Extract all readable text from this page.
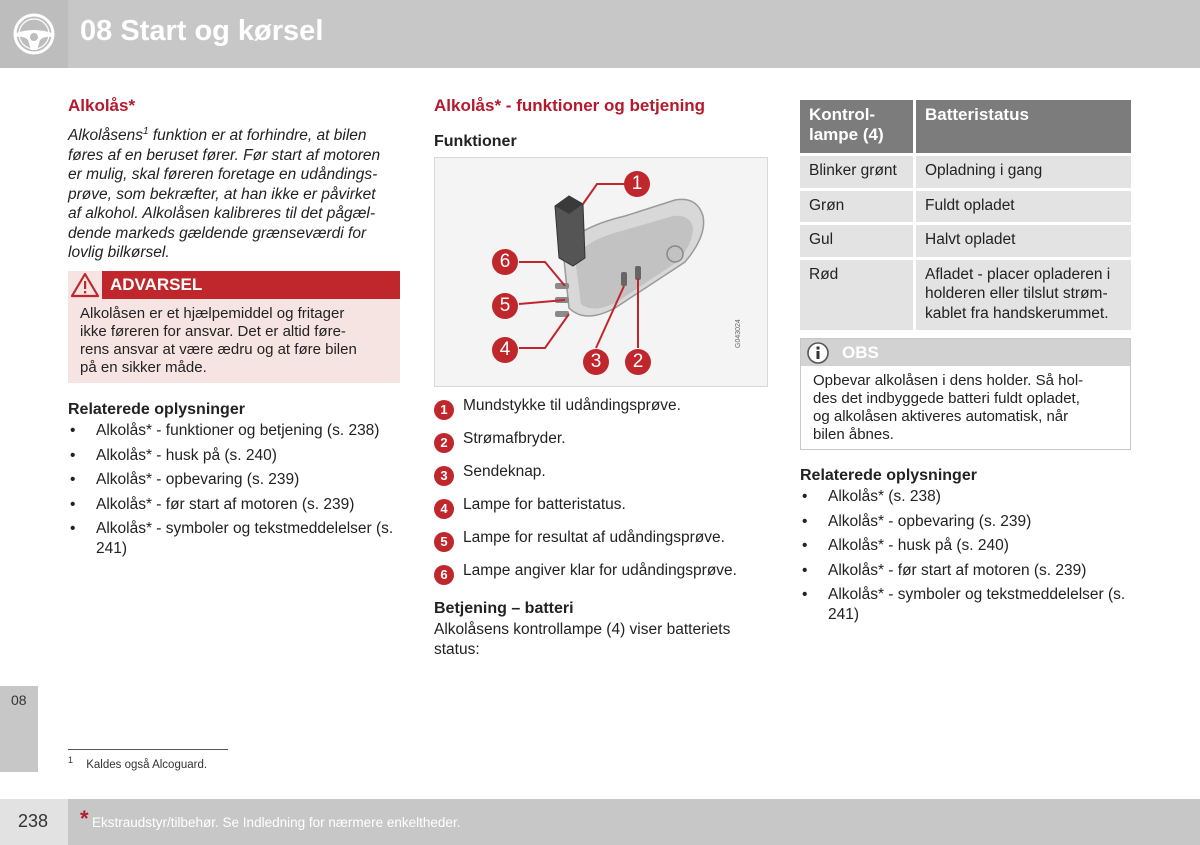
08 Start og kørsel
08
Alkolås*
Alkolåsens$^1$ funktion er at forhindre, at bilen
føres af en beruset fører. Før start af motoren
er mulig, skal føreren foretage en udåndings-
prøve, som bekræfter, at han ikke er påvirket
af alkohol. Alkolåsen kalibreres til det pågæl-
dende markeds gældende grænseværdi for
lovlig bilkørsel.
ADVARSEL
Alkolåsen er et hjælpemiddel og fritager
ikke føreren for ansvar. Det er altid føre-
rens ansvar at være ædru og at føre bilen
på en sikker måde.
Relaterede oplysninger
• Alkolås* - funktioner og betjening (s. 238)
• Alkolås* - husk på (s. 240)
• Alkolås* - opbevaring (s. 239)
• Alkolås* - før start af motoren (s. 239)
• Alkolås* - symboler og tekstmeddelelser (s. 241)
Alkolås* - funktioner og betjening
Funktioner
1
2
3
4
5
6
G043024
1 Mundstykke til udåndingsprøve.
2 Strømafbryder.
3 Sendeknap.
4 Lampe for batteristatus.
5 Lampe for resultat af udåndingsprøve.
6 Lampe angiver klar for udåndingsprøve.
Betjening – batteri
Alkolåsens kontrollampe (4) viser batteriets
status:
Kontrol-
lampe (4)	Batteristatus
Blinker grønt	Opladning i gang
Grøn	Fuldt opladet
Gul	Halvt opladet
Rød	Afladet - placer opladeren i
holderen eller tilslut strøm-
kablet fra handskerummet.
OBS
Opbevar alkolåsen i dens holder. Så hol-
des det indbyggede batteri fuldt opladet,
og alkolåsen aktiveres automatisk, når
bilen åbnes.
Relaterede oplysninger
• Alkolås* (s. 238)
• Alkolås* - opbevaring (s. 239)
• Alkolås* - husk på (s. 240)
• Alkolås* - før start af motoren (s. 239)
• Alkolås* - symboler og tekstmeddelelser (s. 241)
$^1$ Kaldes også Alcoguard.
238 * Ekstraudstyr/tilbehør. Se Indledning for nærmere enkeltheder.
